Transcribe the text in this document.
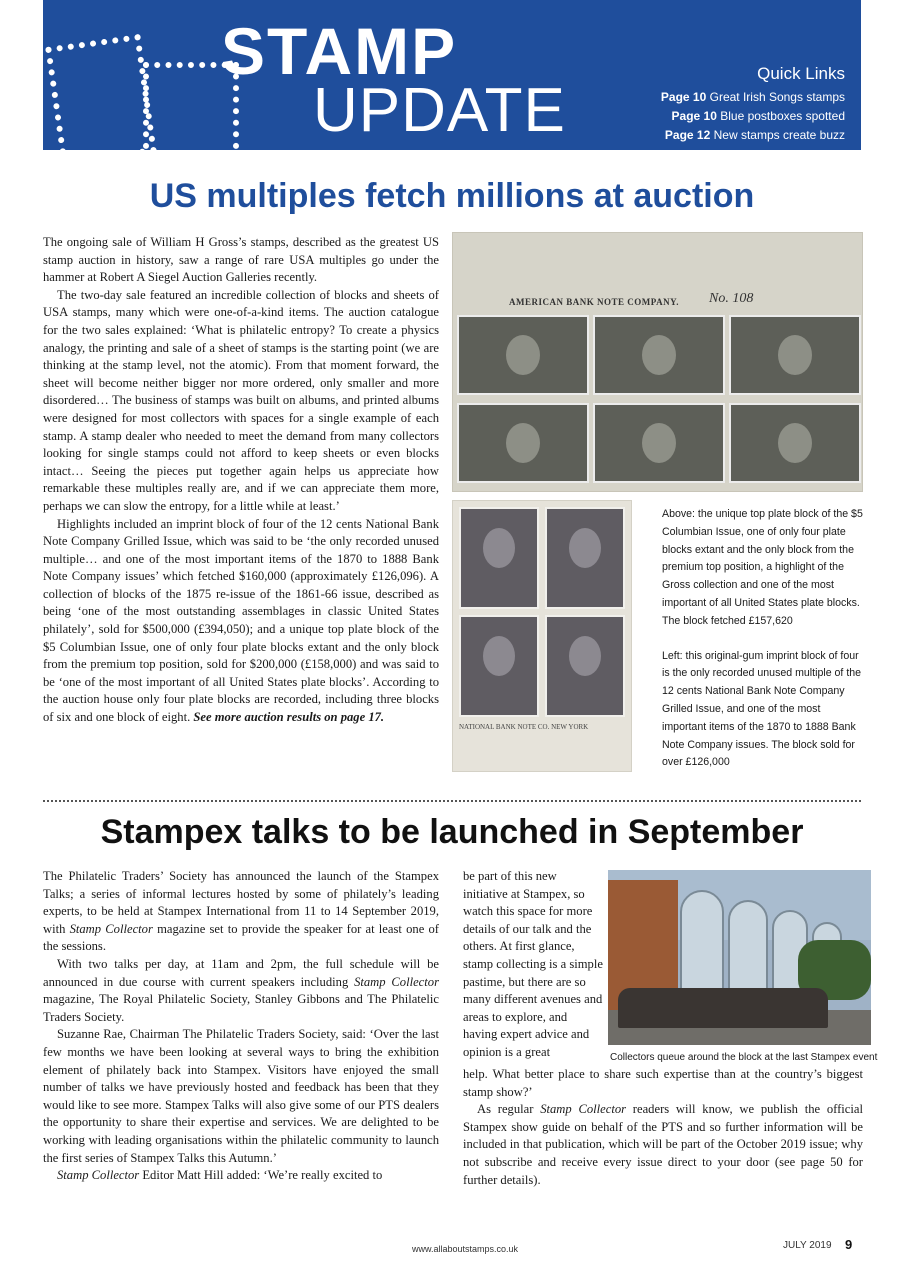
STAMP
UPDATE
Quick Links
Page 10 Great Irish Songs stamps
Page 10 Blue postboxes spotted
Page 12 New stamps create buzz
US multiples fetch millions at auction

The ongoing sale of William H Gross’s stamps, described as the greatest US stamp auction in history, saw a range of rare USA multiples go under the hammer at Robert A Siegel Auction Galleries recently.

The two-day sale featured an incredible collection of blocks and sheets of USA stamps, many which were one-of-a-kind items. The auction catalogue for the two sales explained: ‘What is philatelic entropy? To create a physics analogy, the printing and sale of a sheet of stamps is the starting point (we are thinking at the stamp level, not the atomic). From that moment forward, the sheet will become neither bigger nor more ordered, only smaller and more disordered… The business of stamps was built on albums, and printed albums were designed for most collectors with spaces for a single example of each stamp. A stamp dealer who needed to meet the demand from many collectors looking for single stamps could not afford to keep sheets or even blocks intact… Seeing the pieces put together again helps us appreciate how remarkable these multiples really are, and if we can appreciate them more, perhaps we can slow the entropy, for a little while at least.’

Highlights included an imprint block of four of the 12 cents National Bank Note Company Grilled Issue, which was said to be ‘the only recorded unused multiple… and one of the most important items of the 1870 to 1888 Bank Note Company issues’ which fetched $160,000 (approximately £126,096). A collection of blocks of the 1875 re-issue of the 1861-66 issue, described as being ‘one of the most outstanding assemblages in classic United States philately’, sold for $500,000 (£394,050); and a unique top plate block of the $5 Columbian Issue, one of only four plate blocks extant and the only block from the premium top position, sold for $200,000 (£158,000) and was said to be ‘one of the most important of all United States plate blocks’. According to the auction house only four plate blocks are recorded, including three blocks of six and one block of eight. See more auction results on page 17.

AMERICAN BANK NOTE COMPANY. No. 108
NATIONAL BANK NOTE CO. NEW YORK

Above: the unique top plate block of the $5 Columbian Issue, one of only four plate blocks extant and the only block from the premium top position, a highlight of the Gross collection and one of the most important of all United States plate blocks. The block fetched £157,620

Left: this original-gum imprint block of four is the only recorded unused multiple of the 12 cents National Bank Note Company Grilled Issue, and one of the most important items of the 1870 to 1888 Bank Note Company issues. The block sold for over £126,000

Stampex talks to be launched in September

The Philatelic Traders’ Society has announced the launch of the Stampex Talks; a series of informal lectures hosted by some of philately’s leading experts, to be held at Stampex International from 11 to 14 September 2019, with Stamp Collector magazine set to provide the speaker for at least one of the sessions.

With two talks per day, at 11am and 2pm, the full schedule will be announced in due course with current speakers including Stamp Collector magazine, The Royal Philatelic Society, Stanley Gibbons and The Philatelic Traders Society.

Suzanne Rae, Chairman The Philatelic Traders Society, said: ‘Over the last few months we have been looking at several ways to bring the exhibition element of philately back into Stampex. Visitors have enjoyed the small number of talks we have previously hosted and feedback has been that they would like to see more. Stampex Talks will also give some of our PTS dealers the opportunity to share their expertise and services. We are delighted to be working with leading organisations within the philatelic community to launch the first series of Stampex Talks this Autumn.’

Stamp Collector Editor Matt Hill added: ‘We’re really excited to

be part of this new initiative at Stampex, so watch this space for more details of our talk and the others. At first glance, stamp collecting is a simple pastime, but there are so many different avenues and areas to explore, and having expert advice and opinion is a great	Collectors queue around the block at the last Stampex event

help. What better place to share such expertise than at the country’s biggest stamp show?’

As regular Stamp Collector readers will know, we publish the official Stampex show guide on behalf of the PTS and so further information will be included in that publication, which will be part of the October 2019 issue; why not subscribe and receive every issue direct to your door (see page 50 for further details).

www.allaboutstamps.co.uk	JULY 2019 9
